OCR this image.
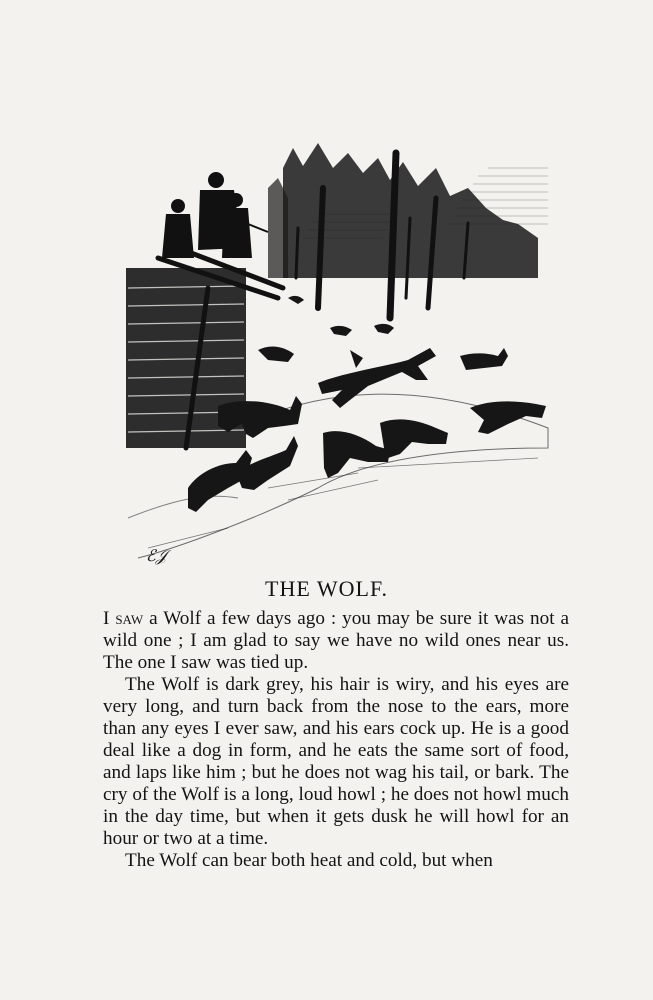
ℰ𝒥
THE WOLF.

I saw a Wolf a few days ago : you may be sure it was not a wild one ; I am glad to say we have no wild ones near us. The one I saw was tied up.

The Wolf is dark grey, his hair is wiry, and his eyes are very long, and turn back from the nose to the ears, more than any eyes I ever saw, and his ears cock up. He is a good deal like a dog in form, and he eats the same sort of food, and laps like him ; but he does not wag his tail, or bark. The cry of the Wolf is a long, loud howl ; he does not howl much in the day time, but when it gets dusk he will howl for an hour or two at a time.

The Wolf can bear both heat and cold, but when
